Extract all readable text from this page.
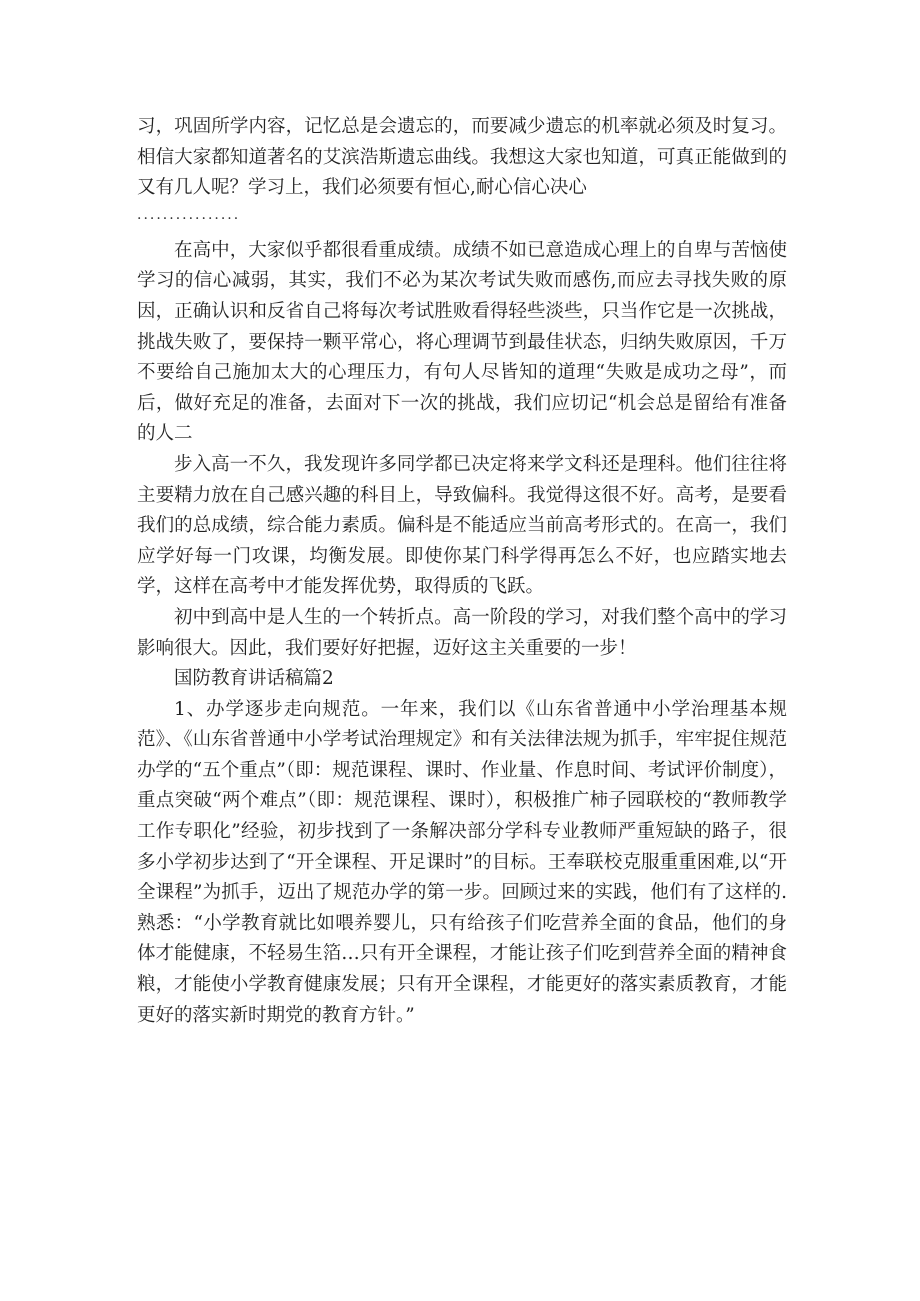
习，巩固所学内容，记忆总是会遗忘的，而要减少遗忘的机率就必须及时复习。相信大家都知道著名的艾滨浩斯遗忘曲线。我想这大家也知道，可真正能做到的又有几人呢？学习上，我们必须要有恒心,耐心信心决心

················

在高中，大家似乎都很看重成绩。成绩不如已意造成心理上的自卑与苦恼使学习的信心减弱，其实，我们不必为某次考试失败而感伤,而应去寻找失败的原因，正确认识和反省自己将每次考试胜败看得轻些淡些，只当作它是一次挑战，挑战失败了，要保持一颗平常心，将心理调节到最佳状态，归纳失败原因，千万不要给自己施加太大的心理压力，有句人尽皆知的道理“失败是成功之母”，而后，做好充足的准备，去面对下一次的挑战，我们应切记“机会总是留给有准备的人二

步入高一不久，我发现许多同学都已决定将来学文科还是理科。他们往往将主要精力放在自己感兴趣的科目上，导致偏科。我觉得这很不好。高考，是要看我们的总成绩，综合能力素质。偏科是不能适应当前高考形式的。在高一，我们应学好每一门攻课，均衡发展。即使你某门科学得再怎么不好，也应踏实地去学，这样在高考中才能发挥优势，取得质的飞跃。

初中到高中是人生的一个转折点。高一阶段的学习，对我们整个高中的学习影响很大。因此，我们要好好把握，迈好这主关重要的一步！

国防教育讲话稿篇2

1、办学逐步走向规范。一年来，我们以《山东省普通中小学治理基本规范》、《山东省普通中小学考试治理规定》和有关法律法规为抓手，牢牢捉住规范办学的“五个重点”（即：规范课程、课时、作业量、作息时间、考试评价制度），重点突破“两个难点”（即：规范课程、课时），积极推广柿子园联校的“教师教学工作专职化”经验，初步找到了一条解决部分学科专业教师严重短缺的路子，很多小学初步达到了“开全课程、开足课时”的目标。王奉联校克服重重困难,以“开全课程”为抓手，迈出了规范办学的第一步。回顾过来的实践，他们有了这样的.熟悉：“小学教育就比如喂养婴儿，只有给孩子们吃营养全面的食品，他们的身体才能健康，不轻易生箔…只有开全课程，才能让孩子们吃到营养全面的精神食粮，才能使小学教育健康发展；只有开全课程，才能更好的落实素质教育，才能更好的落实新时期党的教育方针。”
